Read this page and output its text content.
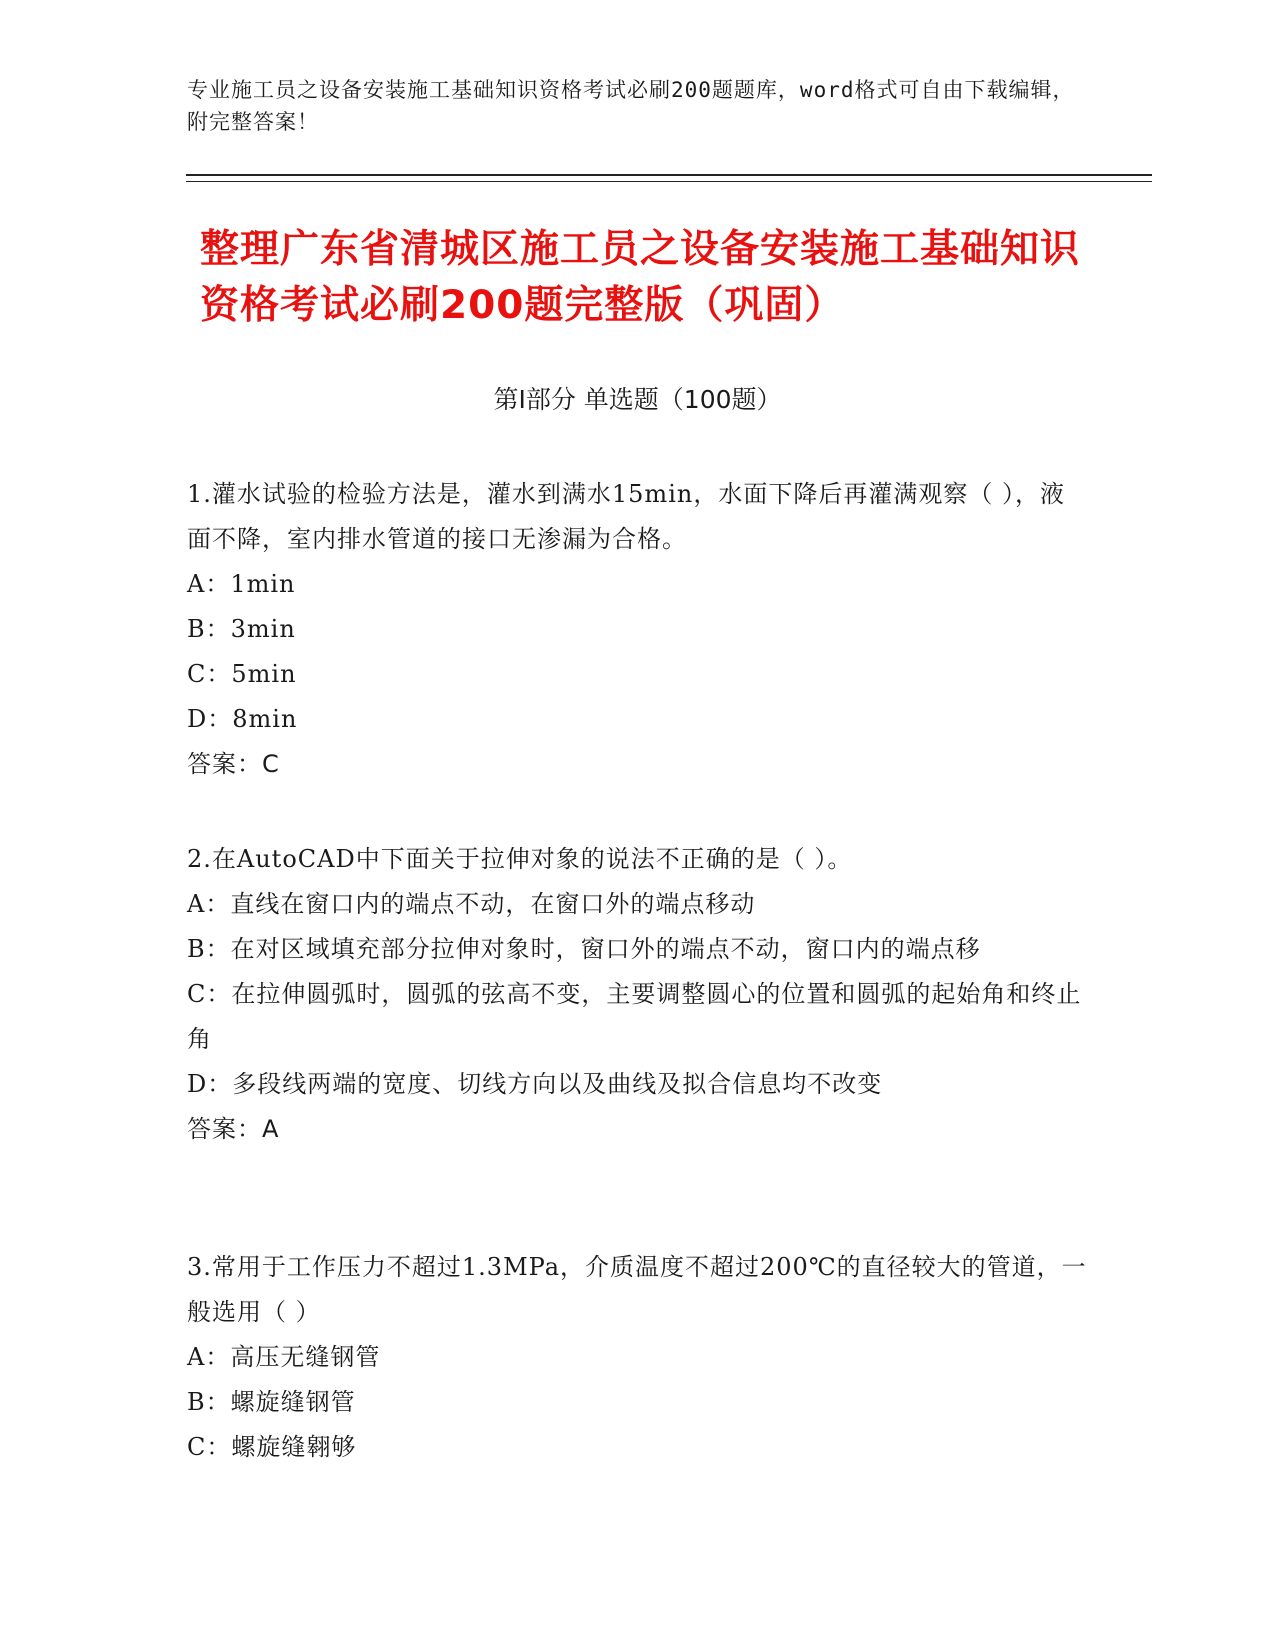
专业施工员之设备安装施工基础知识资格考试必刷200题题库，word格式可自由下载编辑，附完整答案！
整理广东省清城区施工员之设备安装施工基础知识资格考试必刷200题完整版（巩固）
第I部分 单选题（100题）

1.灌水试验的检验方法是，灌水到满水15min，水面下降后再灌满观察（ ），液面不降，室内排水管道的接口无渗漏为合格。

A：1min

B：3min

C：5min

D：8min

答案：C

2.在AutoCAD中下面关于拉伸对象的说法不正确的是（ ）。

A：直线在窗口内的端点不动，在窗口外的端点移动

B：在对区域填充部分拉伸对象时，窗口外的端点不动，窗口内的端点移

C：在拉伸圆弧时，圆弧的弦高不变，主要调整圆心的位置和圆弧的起始角和终止角

D：多段线两端的宽度、切线方向以及曲线及拟合信息均不改变

答案：A

3.常用于工作压力不超过1.3MPa，介质温度不超过200℃的直径较大的管道，一般选用（ ）

A：高压无缝钢管

B：螺旋缝钢管

C：螺旋缝翱够
